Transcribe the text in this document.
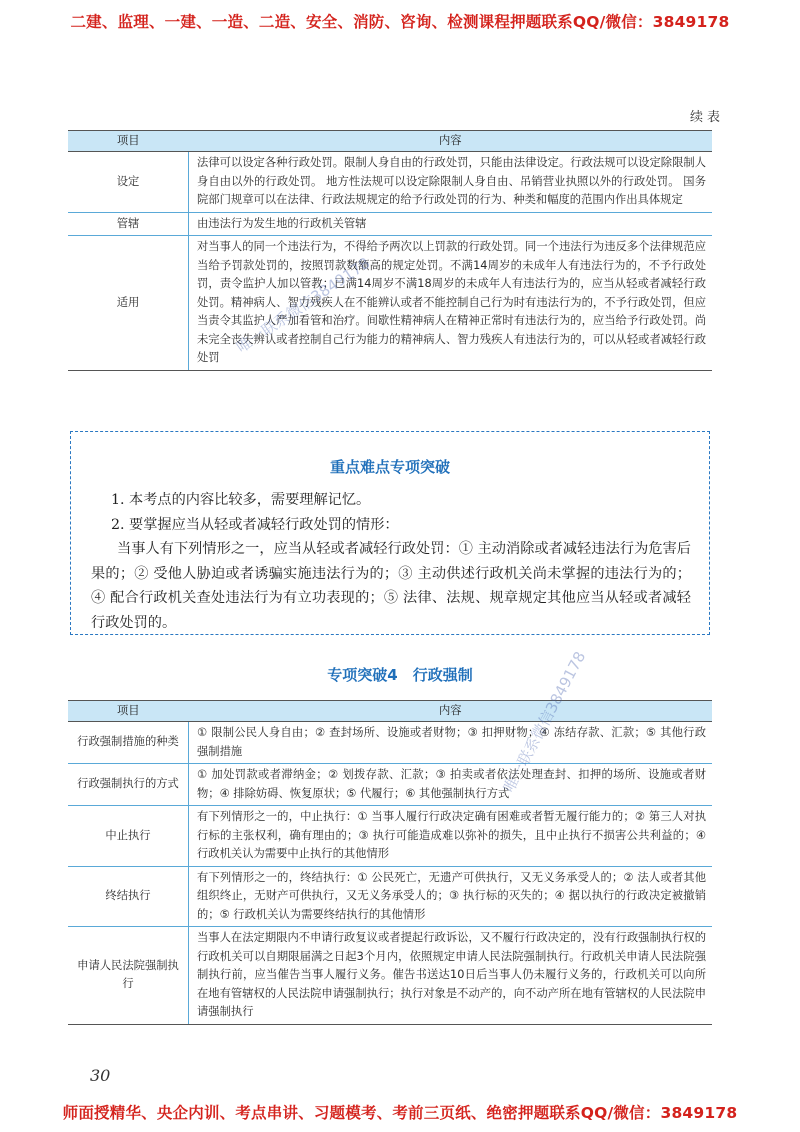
二建、监理、一建、一造、二造、安全、消防、咨询、检测课程押题联系QQ/微信：3849178
续表
项目	内容
设定	法律可以设定各种行政处罚。限制人身自由的行政处罚，只能由法律设定。行政法规可以设定除限制人身自由以外的行政处罚。 地方性法规可以设定除限制人身自由、吊销营业执照以外的行政处罚。 国务院部门规章可以在法律、行政法规规定的给予行政处罚的行为、种类和幅度的范围内作出具体规定
管辖	由违法行为发生地的行政机关管辖
适用	对当事人的同一个违法行为，不得给予两次以上罚款的行政处罚。同一个违法行为违反多个法律规范应当给予罚款处罚的，按照罚款数额高的规定处罚。不满14周岁的未成年人有违法行为的，不予行政处罚，责令监护人加以管教；已满14周岁不满18周岁的未成年人有违法行为的，应当从轻或者减轻行政处罚。精神病人、智力残疾人在不能辨认或者不能控制自己行为时有违法行为的，不予行政处罚，但应当责令其监护人严加看管和治疗。间歇性精神病人在精神正常时有违法行为的，应当给予行政处罚。尚未完全丧失辨认或者控制自己行为能力的精神病人、智力残疾人有违法行为的，可以从轻或者减轻行政处罚
重点难点专项突破

1. 本考点的内容比较多，需要理解记忆。

2. 要掌握应当从轻或者减轻行政处罚的情形：

当事人有下列情形之一，应当从轻或者减轻行政处罚：① 主动消除或者减轻违法行为危害后果的；② 受他人胁迫或者诱骗实施违法行为的；③ 主动供述行政机关尚未掌握的违法行为的；④ 配合行政机关查处违法行为有立功表现的；⑤ 法律、法规、规章规定其他应当从轻或者减轻行政处罚的。

专项突破4　行政强制
项目	内容
行政强制措施的种类	① 限制公民人身自由；② 查封场所、设施或者财物；③ 扣押财物；④ 冻结存款、汇款；⑤ 其他行政强制措施
行政强制执行的方式	① 加处罚款或者滞纳金；② 划拨存款、汇款；③ 拍卖或者依法处理查封、扣押的场所、设施或者财物；④ 排除妨碍、恢复原状；⑤ 代履行；⑥ 其他强制执行方式
中止执行	有下列情形之一的，中止执行：① 当事人履行行政决定确有困难或者暂无履行能力的；② 第三人对执行标的主张权利，确有理由的；③ 执行可能造成难以弥补的损失，且中止执行不损害公共利益的；④ 行政机关认为需要中止执行的其他情形
终结执行	有下列情形之一的，终结执行：① 公民死亡，无遗产可供执行，又无义务承受人的；② 法人或者其他组织终止，无财产可供执行，又无义务承受人的；③ 执行标的灭失的；④ 据以执行的行政决定被撤销的；⑤ 行政机关认为需要终结执行的其他情形
申请人民法院强制执行	当事人在法定期限内不申请行政复议或者提起行政诉讼，又不履行行政决定的，没有行政强制执行权的行政机关可以自期限届满之日起3个月内，依照规定申请人民法院强制执行。行政机关申请人民法院强制执行前，应当催告当事人履行义务。催告书送达10日后当事人仍未履行义务的，行政机关可以向所在地有管辖权的人民法院申请强制执行；执行对象是不动产的，向不动产所在地有管辖权的人民法院申请强制执行
30
师面授精华、央企内训、考点串讲、习题模考、考前三页纸、绝密押题联系QQ/微信：3849178
唯一联系微信3849178
唯一联系微信3849178
